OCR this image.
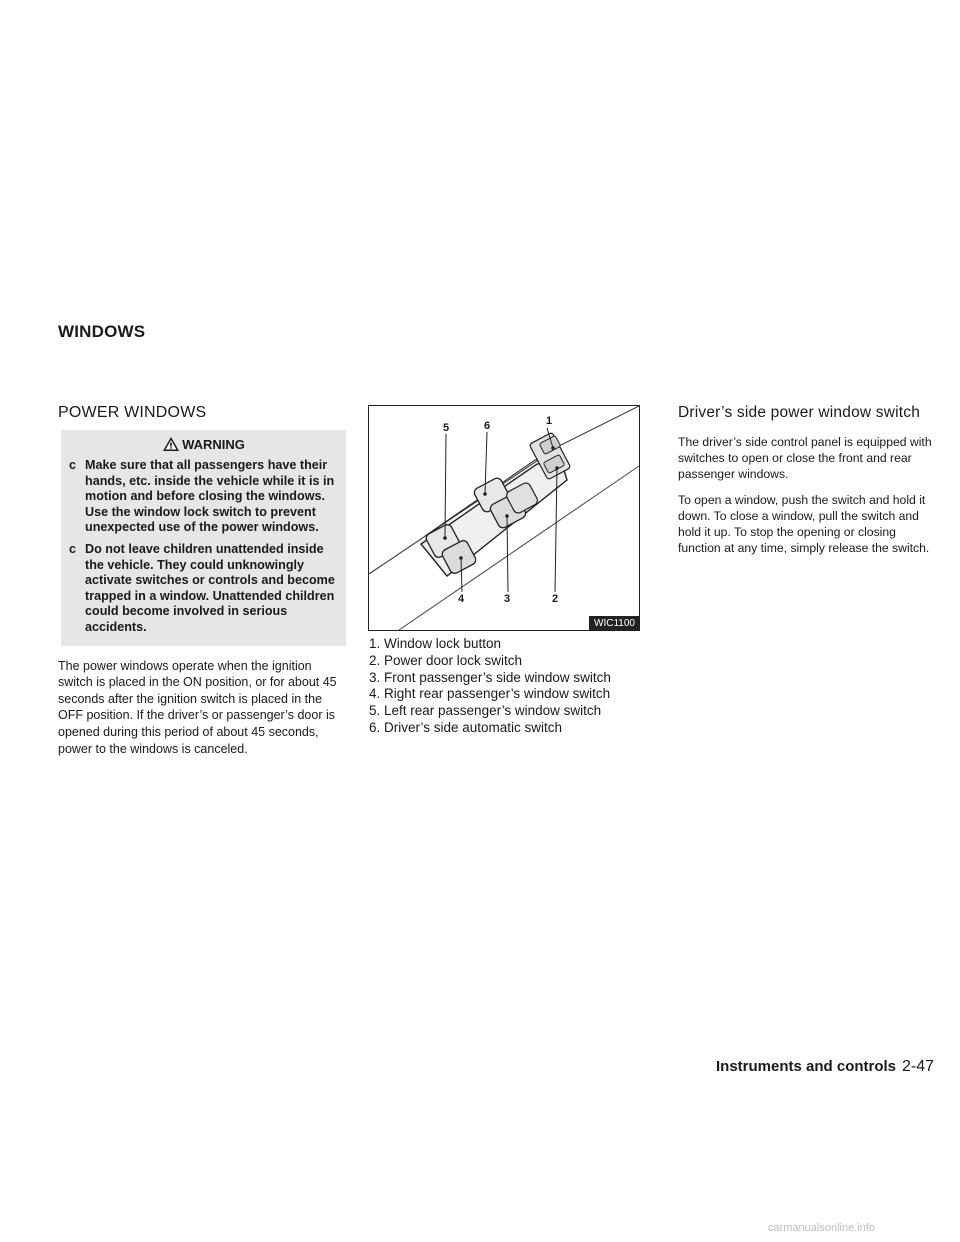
WINDOWS
POWER WINDOWS
WARNING
c Make sure that all passengers have their hands, etc. inside the vehicle while it is in motion and before closing the windows. Use the window lock switch to prevent unexpected use of the power windows.
c Do not leave children unattended inside the vehicle. They could unknowingly activate switches or controls and become trapped in a window. Unattended children could become involved in serious accidents.
The power windows operate when the ignition switch is placed in the ON position, or for about 45 seconds after the ignition switch is placed in the OFF position. If the driver’s or passenger’s door is opened during this period of about 45 seconds, power to the windows is canceled.
5	6	1
4	3	2
WIC1100
1. Window lock button
2. Power door lock switch
3. Front passenger’s side window switch
4. Right rear passenger’s window switch
5. Left rear passenger’s window switch
6. Driver’s side automatic switch
Driver’s side power window switch

The driver’s side control panel is equipped with switches to open or close the front and rear passenger windows.

To open a window, push the switch and hold it down. To close a window, pull the switch and hold it up. To stop the opening or closing function at any time, simply release the switch.

Instruments and controls 2-47
carmanualsonline.info
